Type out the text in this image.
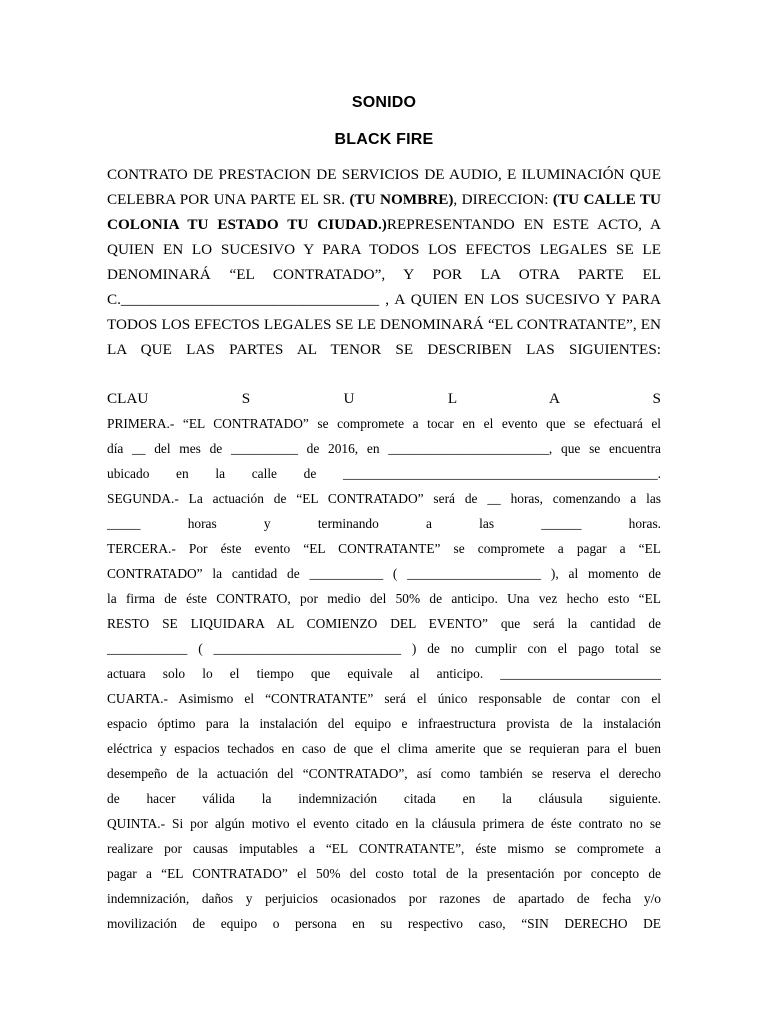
SONIDO
BLACK FIRE
CONTRATO DE PRESTACION DE SERVICIOS DE AUDIO, E ILUMINACIÓN QUE
CELEBRA POR UNA PARTE EL SR. (TU NOMBRE), DIRECCION: (TU CALLE TU
COLONIA TU ESTADO TU CIUDAD.)REPRESENTANDO EN ESTE ACTO, A
QUIEN EN LO SUCESIVO Y PARA TODOS LOS EFECTOS LEGALES SE LE
DENOMINARÁ “EL CONTRATADO”, Y POR LA OTRA PARTE EL
C.__________________________________ , A QUIEN EN LOS SUCESIVO Y PARA
TODOS LOS EFECTOS LEGALES SE LE DENOMINARÁ “EL CONTRATANTE”, EN
LA QUE LAS PARTES AL TENOR SE DESCRIBEN LAS SIGUIENTES:
CLAU S U L A S
PRIMERA.- “EL CONTRATADO” se compromete a tocar en el evento que se efectuará el
día __ del mes de __________ de 2016, en ________________________, que se encuentra
ubicado en la calle de _______________________________________________.
SEGUNDA.- La actuación de “EL CONTRATADO” será de __ horas, comenzando a las
_____ horas y terminando a las ______ horas.
TERCERA.- Por éste evento “EL CONTRATANTE” se compromete a pagar a “EL
CONTRATADO” la cantidad de ___________ ( ____________________ ), al momento de
la firma de éste CONTRATO, por medio del 50% de anticipo. Una vez hecho esto “EL
RESTO SE LIQUIDARA AL COMIENZO DEL EVENTO” que será la cantidad de
____________ ( ____________________________ ) de no cumplir con el pago total se
actuara solo lo el tiempo que equivale al anticipo. ________________________
CUARTA.- Asimismo el “CONTRATANTE” será el único responsable de contar con el
espacio óptimo para la instalación del equipo e infraestructura provista de la instalación
eléctrica y espacios techados en caso de que el clima amerite que se requieran para el buen
desempeño de la actuación del “CONTRATADO”, así como también se reserva el derecho
de hacer válida la indemnización citada en la cláusula siguiente.
QUINTA.- Si por algún motivo el evento citado en la cláusula primera de éste contrato no se
realizare por causas imputables a “EL CONTRATANTE”, éste mismo se compromete a
pagar a “EL CONTRATADO” el 50% del costo total de la presentación por concepto de
indemnización, daños y perjuicios ocasionados por razones de apartado de fecha y/o
movilización de equipo o persona en su respectivo caso, “SIN DERECHO DE
